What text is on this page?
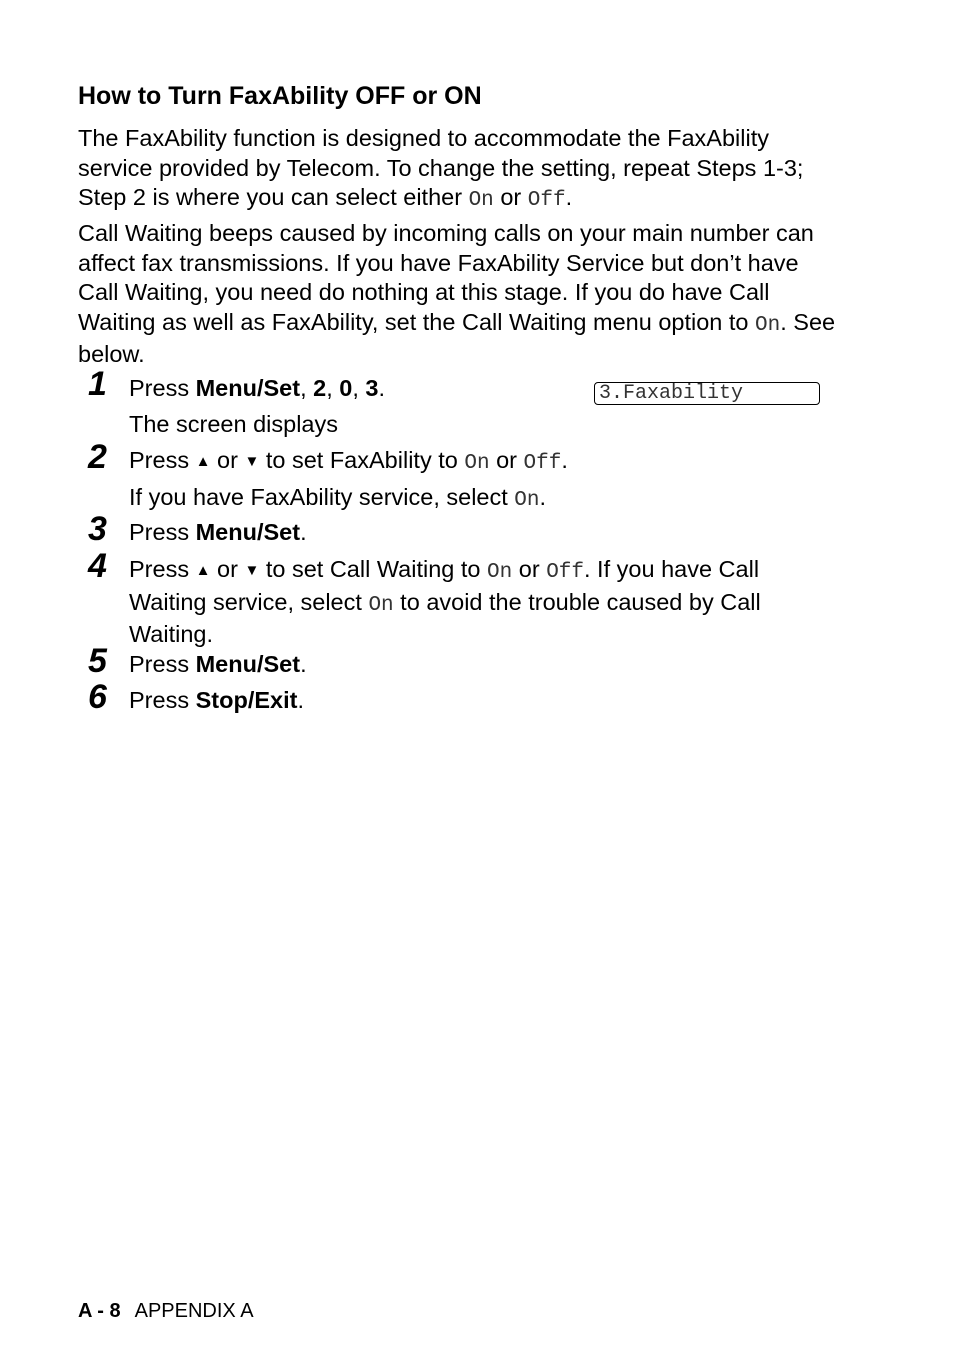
How to Turn FaxAbility OFF or ON

The FaxAbility function is designed to accommodate the FaxAbility service provided by Telecom. To change the setting, repeat Steps 1-3; Step 2 is where you can select either On or Off.

Call Waiting beeps caused by incoming calls on your main number can affect fax transmissions. If you have FaxAbility Service but don’t have Call Waiting, you need do nothing at this stage. If you do have Call Waiting as well as FaxAbility, set the Call Waiting menu option to On. See below.

1 Press Menu/Set, 2, 0, 3.	3.Faxability

The screen displays

2 Press ▲ or ▼ to set FaxAbility to On or Off.

If you have FaxAbility service, select On.

3 Press Menu/Set.

4 Press ▲ or ▼ to set Call Waiting to On or Off. If you have Call Waiting service, select On to avoid the trouble caused by Call Waiting.

5 Press Menu/Set.

6 Press Stop/Exit.

A - 8 APPENDIX A
